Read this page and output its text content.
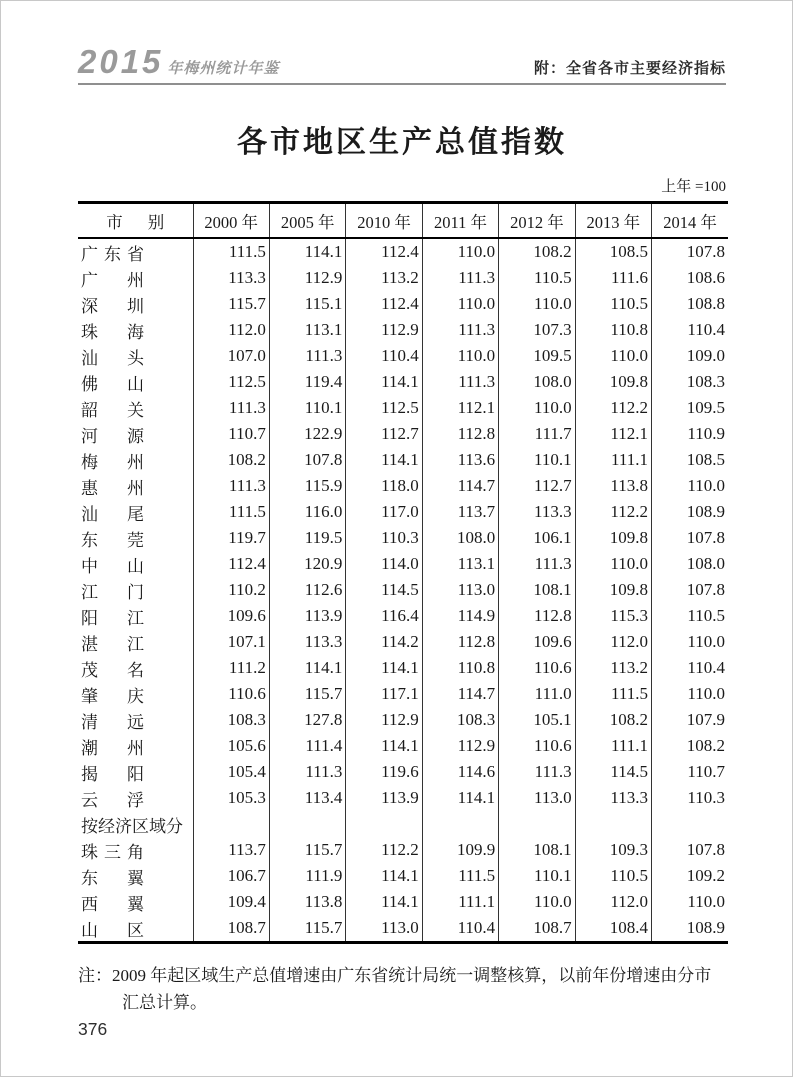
2015 年梅州统计年鉴	附：全省各市主要经济指标
各市地区生产总值指数
上年 =100
市 别	2000 年	2005 年	2010 年	2011 年	2012 年	2013 年	2014 年

广 东 省	111.5	114.1	112.4	110.0	108.2	108.5	107.8

广 州	113.3	112.9	113.2	111.3	110.5	111.6	108.6

深 圳	115.7	115.1	112.4	110.0	110.0	110.5	108.8

珠 海	112.0	113.1	112.9	111.3	107.3	110.8	110.4

汕 头	107.0	111.3	110.4	110.0	109.5	110.0	109.0

佛 山	112.5	119.4	114.1	111.3	108.0	109.8	108.3

韶 关	111.3	110.1	112.5	112.1	110.0	112.2	109.5

河 源	110.7	122.9	112.7	112.8	111.7	112.1	110.9

梅 州	108.2	107.8	114.1	113.6	110.1	111.1	108.5

惠 州	111.3	115.9	118.0	114.7	112.7	113.8	110.0

汕 尾	111.5	116.0	117.0	113.7	113.3	112.2	108.9

东 莞	119.7	119.5	110.3	108.0	106.1	109.8	107.8

中 山	112.4	120.9	114.0	113.1	111.3	110.0	108.0

江 门	110.2	112.6	114.5	113.0	108.1	109.8	107.8

阳 江	109.6	113.9	116.4	114.9	112.8	115.3	110.5

湛 江	107.1	113.3	114.2	112.8	109.6	112.0	110.0

茂 名	111.2	114.1	114.1	110.8	110.6	113.2	110.4

肇 庆	110.6	115.7	117.1	114.7	111.0	111.5	110.0

清 远	108.3	127.8	112.9	108.3	105.1	108.2	107.9

潮 州	105.6	111.4	114.1	112.9	110.6	111.1	108.2

揭 阳	105.4	111.3	119.6	114.6	111.3	114.5	110.7

云 浮	105.3	113.4	113.9	114.1	113.0	113.3	110.3
按经济区域分							

珠 三 角	113.7	115.7	112.2	109.9	108.1	109.3	107.8

东 翼	106.7	111.9	114.1	111.5	110.1	110.5	109.2

西 翼	109.4	113.8	114.1	111.1	110.0	112.0	110.0

山 区	108.7	115.7	113.0	110.4	108.7	108.4	108.9

注：2009 年起区域生产总值增速由广东省统计局统一调整核算，以前年份增速由分市汇总计算。

376
